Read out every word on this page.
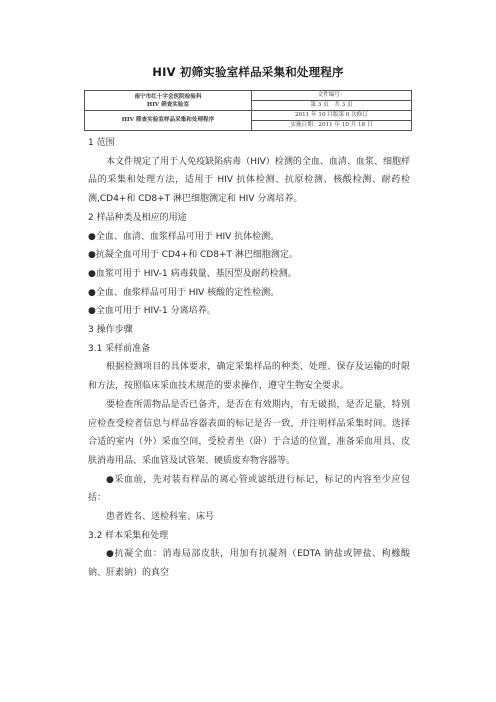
HIV 初筛实验室样品采集和处理程序
南宁市红十字会医院检验科
HIV 筛查实验室	文件编号：
	第 3 页　共 3 页
HIV 筛查实验室样品采集和处理程序	2011 年 10 月版第 0 次修订
	实施日期：2011 年 10 月 18 日

1 范围

本文件规定了用于人免疫缺陷病毒（HIV）检测的全血、血清、血浆、细胞样品的采集和处理方法，适用于 HIV 抗体检测、抗原检测、核酸检测、耐药检测,CD4+和 CD8+T 淋巴细胞测定和 HIV 分离培养。

2 样品种类及相应的用途

●全血、血清、血浆样品可用于 HIV 抗体检测。

●抗凝全血可用于 CD4+和 CD8+T 淋巴细胞测定。

●血浆可用于 HIV-1 病毒载量、基因型及耐药检测。

●全血、血浆样品可用于 HIV 核酸的定性检测。

●全血可用于 HIV-1 分离培养。

3 操作步骤

3.1 采样前准备

根据检测项目的具体要求，确定采集样品的种类、处理、保存及运输的时限和方法，按照临床采血技术规范的要求操作，遵守生物安全要求。

要检查所需物品是否已备齐，是否在有效期内，有无破损，是否足量，特别应检查受检者信息与样品容器表面的标记是否一致，并注明样品采集时间。选择合适的室内（外）采血空间，受检者坐（卧）于合适的位置，准备采血用具、皮肤消毒用品、采血管及试管架、硬质废弃物容器等。

●采血前，先对装有样品的离心管或滤纸进行标记，标记的内容至少应包括：

患者姓名、送检科室、床号

3.2 样本采集和处理

●抗凝全血：消毒局部皮肤，用加有抗凝剂（EDTA 钠盐或钾盐、枸橼酸钠、肝素钠）的真空
